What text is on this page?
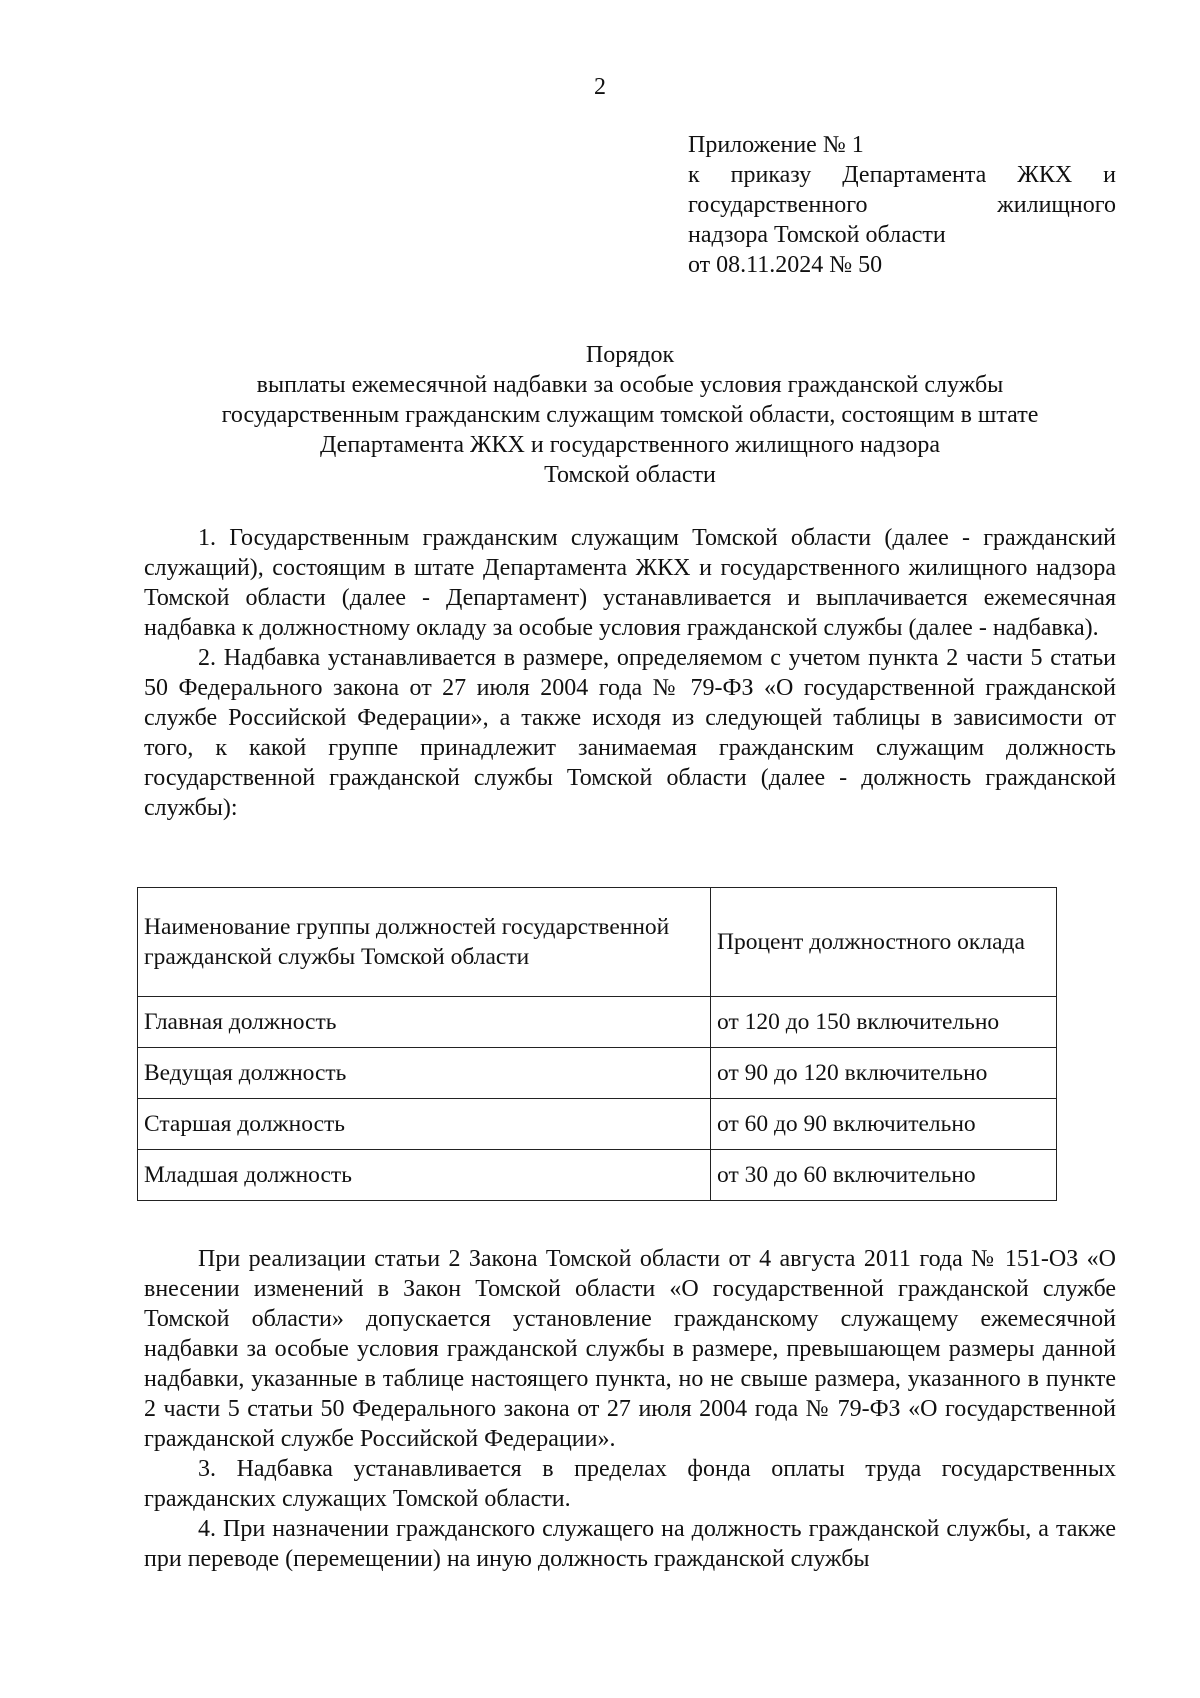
2
Приложение № 1
к приказу Департамента ЖКХ и
государственного жилищного
надзора Томской области
от 08.11.2024 № 50
Порядок
выплаты ежемесячной надбавки за особые условия гражданской службы
государственным гражданским служащим томской области, состоящим в штате
Департамента ЖКХ и государственного жилищного надзора
Томской области

1. Государственным гражданским служащим Томской области (далее - гражданский служащий), состоящим в штате Департамента ЖКХ и государственного жилищного надзора Томской области (далее - Департамент) устанавливается и выплачивается ежемесячная надбавка к должностному окладу за особые условия гражданской службы (далее - надбавка).

2. Надбавка устанавливается в размере, определяемом с учетом пункта 2 части 5 статьи 50 Федерального закона от 27 июля 2004 года № 79-ФЗ «О государственной гражданской службе Российской Федерации», а также исходя из следующей таблицы в зависимости от того, к какой группе принадлежит занимаемая гражданским служащим должность государственной гражданской службы Томской области (далее - должность гражданской службы):

Наименование группы должностей государственной гражданской службы Томской области	Процент должностного оклада
Главная должность	от 120 до 150 включительно
Ведущая должность	от 90 до 120 включительно
Старшая должность	от 60 до 90 включительно
Младшая должность	от 30 до 60 включительно

При реализации статьи 2 Закона Томской области от 4 августа 2011 года № 151-ОЗ «О внесении изменений в Закон Томской области «О государственной гражданской службе Томской области» допускается установление гражданскому служащему ежемесячной надбавки за особые условия гражданской службы в размере, превышающем размеры данной надбавки, указанные в таблице настоящего пункта, но не свыше размера, указанного в пункте 2 части 5 статьи 50 Федерального закона от 27 июля 2004 года № 79-ФЗ «О государственной гражданской службе Российской Федерации».

3. Надбавка устанавливается в пределах фонда оплаты труда государственных гражданских служащих Томской области.

4. При назначении гражданского служащего на должность гражданской службы, а также при переводе (перемещении) на иную должность гражданской службы
